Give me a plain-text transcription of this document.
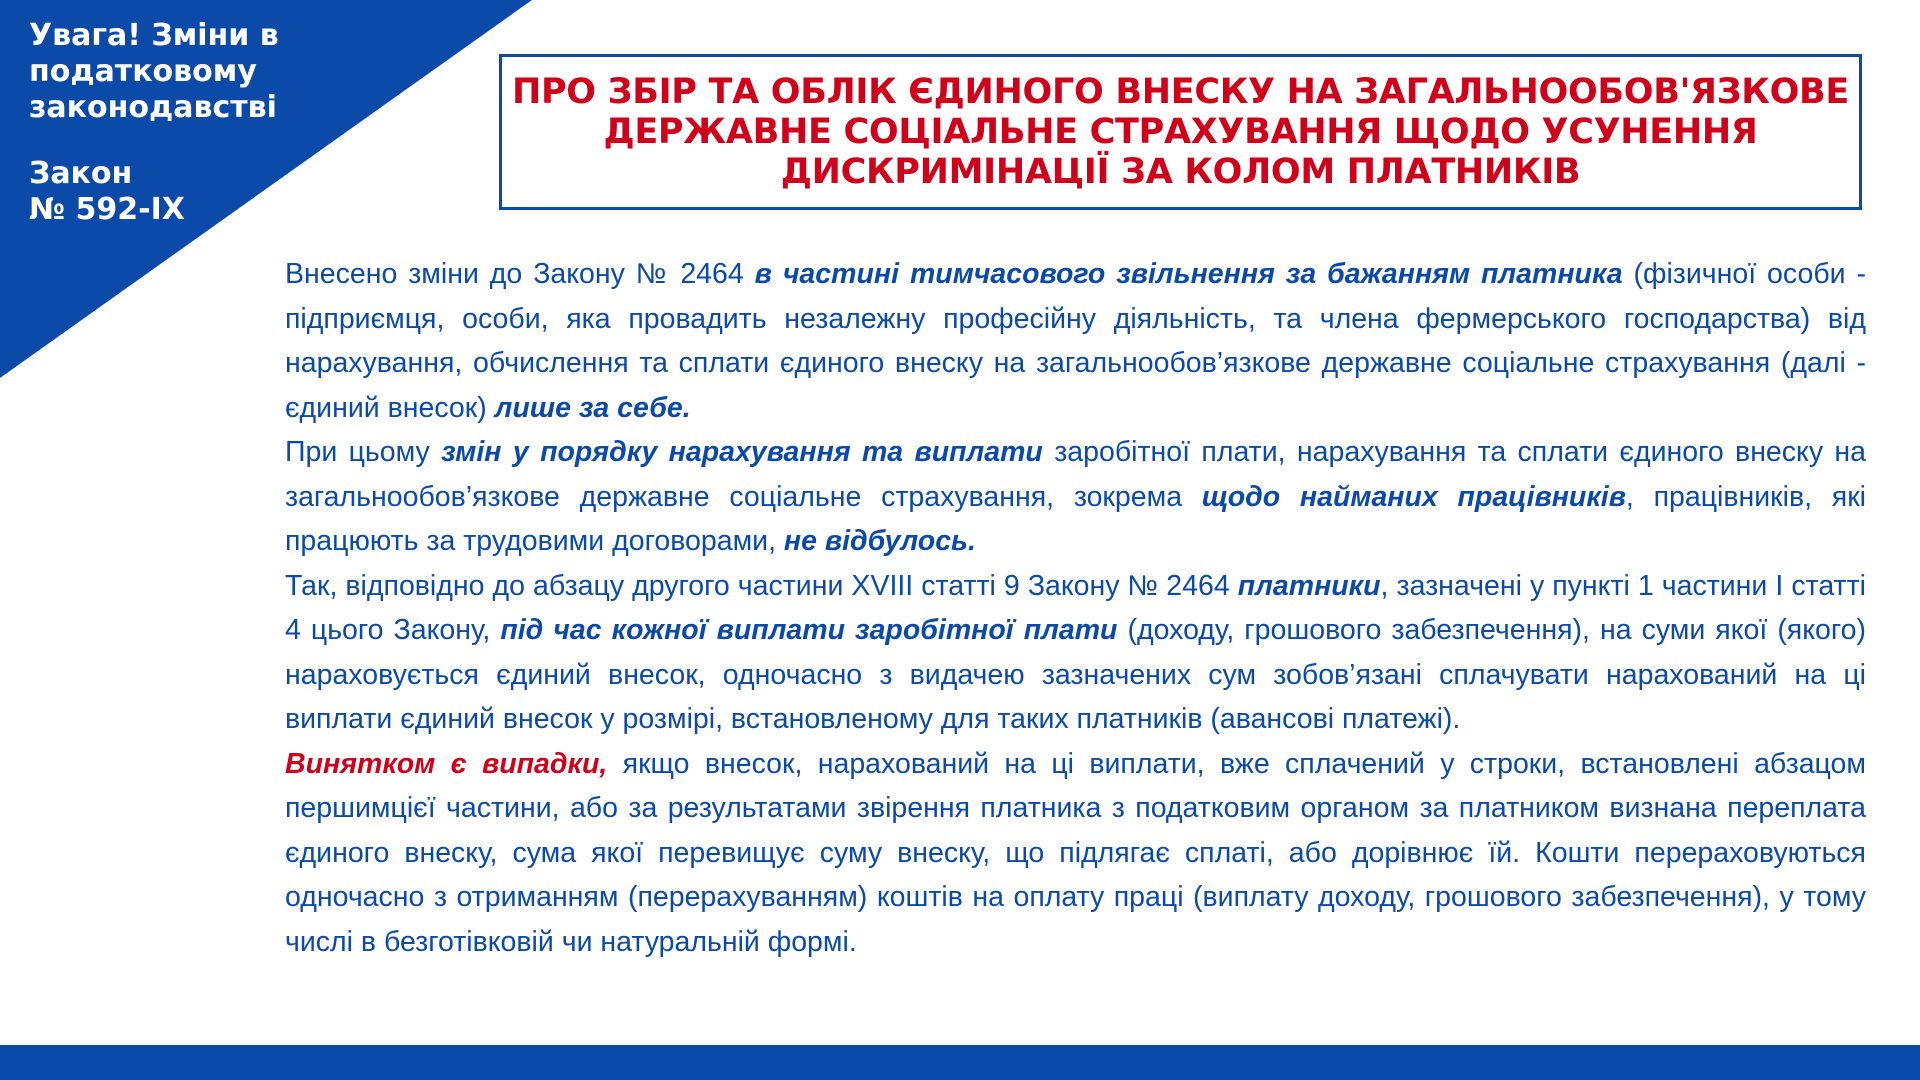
Увага! Зміни в податковому законодавстві
Закон
№ 592-IX
ПРО ЗБІР ТА ОБЛІК ЄДИНОГО ВНЕСКУ НА ЗАГАЛЬНООБОВ'ЯЗКОВЕ ДЕРЖАВНЕ СОЦІАЛЬНЕ СТРАХУВАННЯ ЩОДО УСУНЕННЯ ДИСКРИМІНАЦІЇ ЗА КОЛОМ ПЛАТНИКІВ

Внесено зміни до Закону № 2464 в частині тимчасового звільнення за бажанням платника (фізичної особи - підприємця, особи, яка провадить незалежну професійну діяльність, та члена фермерського господарства) від нарахування, обчислення та сплати єдиного внеску на загальнообов’язкове державне соціальне страхування (далі - єдиний внесок) лише за себе.

При цьому змін у порядку нарахування та виплати заробітної плати, нарахування та сплати єдиного внеску на загальнообов’язкове державне соціальне страхування, зокрема щодо найманих працівників, працівників, які працюють за трудовими договорами, не відбулось.

Так, відповідно до абзацу другого частини XVIII статті 9 Закону № 2464 платники, зазначені у пункті 1 частини I статті 4 цього Закону, під час кожної виплати заробітної плати (доходу, грошового забезпечення), на суми якої (якого) нараховується єдиний внесок, одночасно з видачею зазначених сум зобов’язані сплачувати нарахований на ці виплати єдиний внесок у розмірі, встановленому для таких платників (авансові платежі).

Винятком є випадки, якщо внесок, нарахований на ці виплати, вже сплачений у строки, встановлені абзацом першимцієї частини, або за результатами звірення платника з податковим органом за платником визнана переплата єдиного внеску, сума якої перевищує суму внеску, що підлягає сплаті, або дорівнює їй. Кошти перераховуються одночасно з отриманням (перерахуванням) коштів на оплату праці (виплату доходу, грошового забезпечення), у тому числі в безготівковій чи натуральній формі.
